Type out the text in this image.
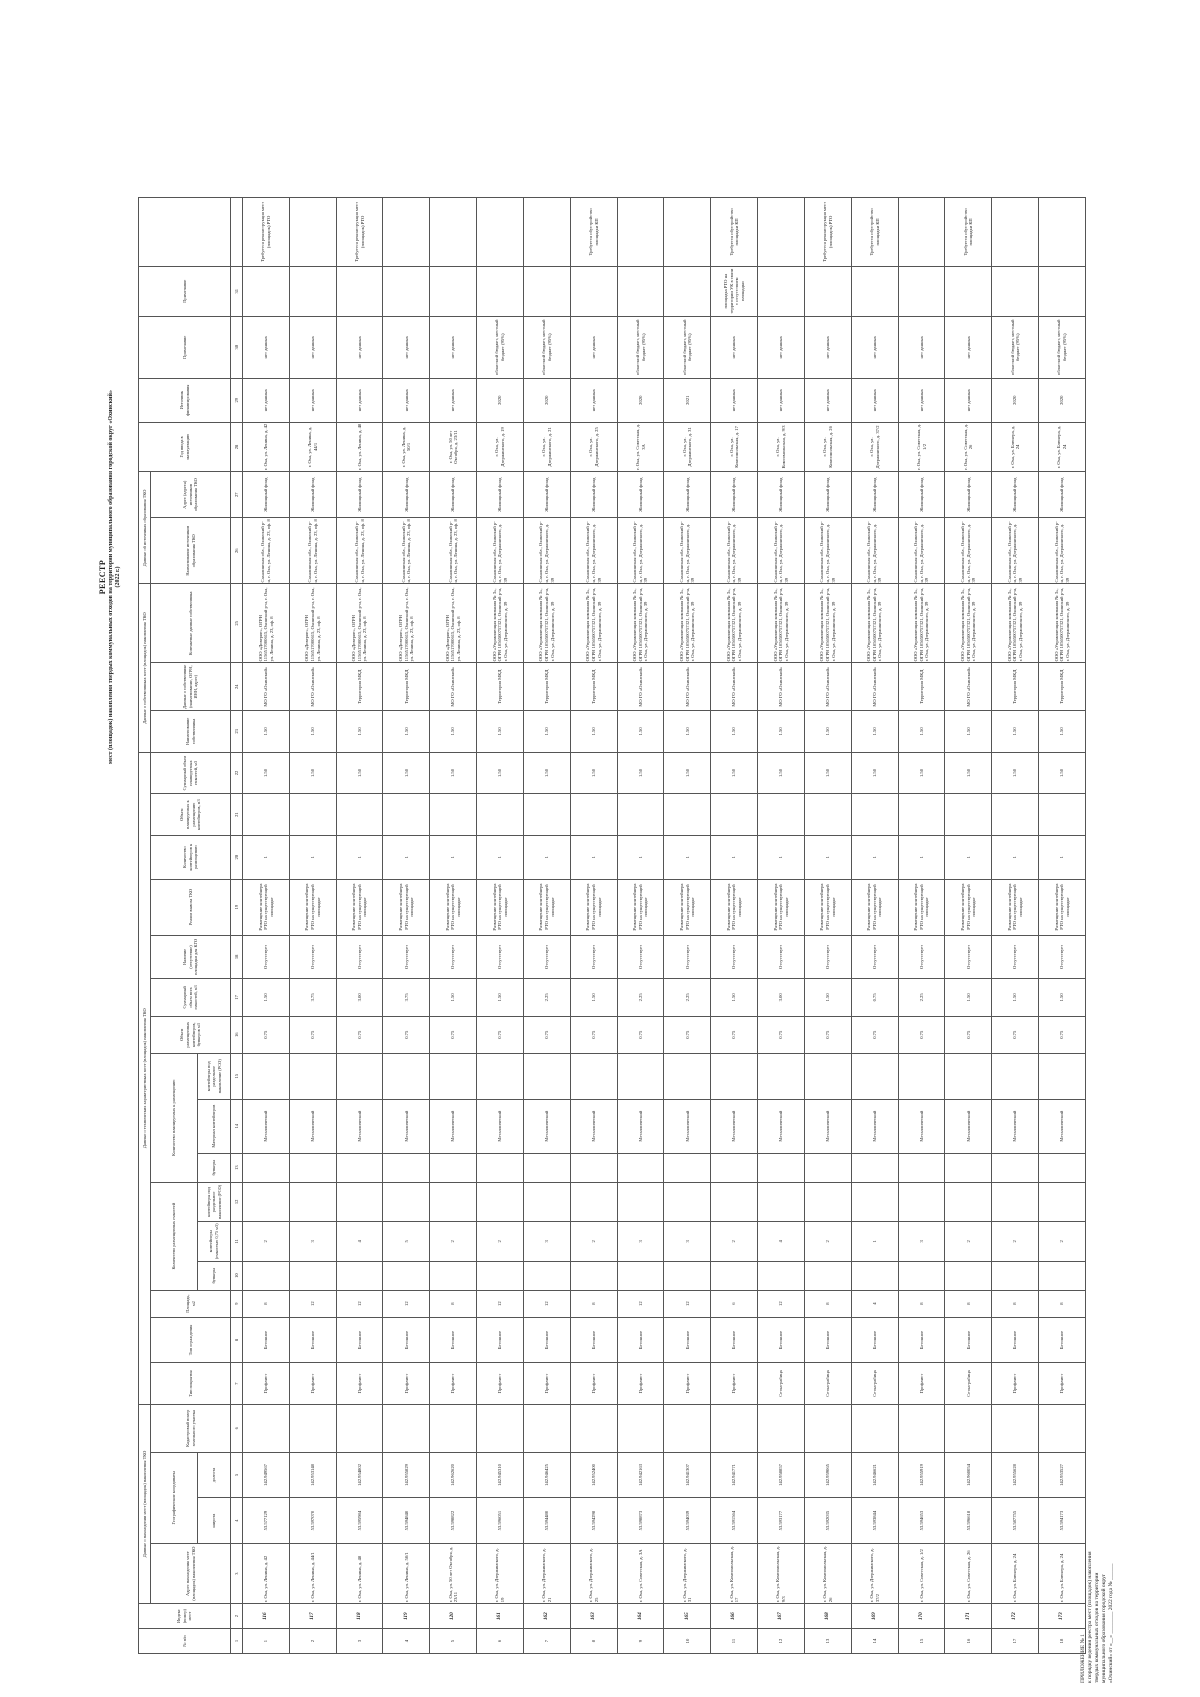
ПРИЛОЖЕНИЕ № 1 к порядку ведения реестра мест (площадок) накопления твердых коммунальных отходов на территории муниципального образования городской округ «Охинский» от «__» ________ 2022 года № ______
РЕЕСТР мест (площадок) накопления твердых коммунальных отходов на территории муниципального образования городской округ «Охинский» (2022 г.)
№ п/п	Индекс (номер) мест	Данные о нахождении мест (площадок) накопления ТКО				Данные о технических характеристиках мест (площадок) накопления ТКО																Данные о собственниках мест (площадок) накопления ТКО			Данные об источниках образования ТКО		Год ввода в эксплуатацию	Источник финансирования	Примечание	Примечание	
		Адрес нахождения мест (площадок) накопления ТКО	Географические координаты		Кадастровый номер земельного участка	Тип покрытия	Тип ограждения	Площадь, м2	Количество размещенных емкостей			Количество планируемых к размещению			Объем размещенных контейнеров, бункеров м3	Суммарный объем всех емкостей, м3	Наличие (отсутствие) площадки для КГО	Режим вывоза ТКО	Количество контейнеров к размещению	Объем планируемых к размещению контейнеров, м3	Суммарный объем планируемых емкостей, м3	Наименование собственника	Данные о собственнике (наименование, ОГРН, ИНН, адрес)	Контактные данные собственника	Наименование источников образования ТКО	Адрес (адреса) источников образования ТКО					
			широта	долгота					бункеры	контейнеры (емкостью 0,75 м3)	контейнеры под раздельное накопление (РСО)	бункеры	Материал контейнеров	контейнеры под раздельное накопление (РСО)																	
1	2	3	4	5	6	7	8	9	10	11	12	13	14	15	16	17	18	19	20	21	22	23	24	25	26	27	28	29	30	31	
1	116	г. Оха, ул. Ленина, д. 42	53.577129	142.949567		Профлист	Бетонное	8		2			Металлический		0.75	1.50	Отсутствует	Размещение контейнера РТО на существующей площадке	1		1.50	1.50	МО ГО «Охинский»	ООО «Доверие», ОГРН 1156517000615, Охинский р-н, г. Оха, ул. Ленина, д. 23, оф. 8	Сахалинская обл., Охинский р-н, г. Оха, ул. Ленина, д. 23, оф. 8	Жилищный фонд	г. Оха, ул. Ленина, д. 42	нет данных	нет данных		Требуется реконструкция мест (площадок) РТО
2	117	г. Оха, ул. Ленина, д. 44/1	53.597070	142.953148		Профлист	Бетонное	12		3			Металлический		0.75	3.75	Отсутствует	Размещение контейнера РТО на существующей площадке	1		1.50	1.50	МО ГО «Охинский»	ООО «Доверие», ОГРН 1156517000615, Охинский р-н, г. Оха, ул. Ленина, д. 23, оф. 8	Сахалинская обл., Охинский р-н, г. Оха, ул. Ленина, д. 23, оф. 8	Жилищный фонд	г. Оха, ул. Ленина, д. 44/1	нет данных	нет данных		
3	118	г. Оха, ул. Ленина, д. 48	53.595984	142.954802		Профлист	Бетонное	12		4			Металлический		0.75	3.00	Отсутствует	Размещение контейнера РТО на существующей площадке	1		1.50	1.50	Территория МКД	ООО «Доверие», ОГРН 1156517000615, Охинский р-н, г. Оха, ул. Ленина, д. 23, оф. 8	Сахалинская обл., Охинский р-н, г. Оха, ул. Ленина, д. 23, оф. 8	Жилищный фонд	г. Оха, ул. Ленина, д. 48	нет данных	нет данных		Требуется реконструкция мест (площадок) РТО
4	119	г. Оха, ул. Ленина, д. 50/1	53.594840	142.955829		Профлист	Бетонное	12		5			Металлический		0.75	3.75	Отсутствует	Размещение контейнера РТО на существующей площадке	1		1.50	1.50	Территория МКД	ООО «Доверие», ОГРН 1156517000615, Охинский р-н, г. Оха, ул. Ленина, д. 23, оф. 8	Сахалинская обл., Охинский р-н, г. Оха, ул. Ленина, д. 23, оф. 8	Жилищный фонд	г. Оха, ул. Ленина, д. 50/1	нет данных	нет данных		
5	120	г. Оха, ул. 50 лет Октября, д. 23/11	53.598822	142.962620		Профлист	Бетонное	8		2			Металлический		0.75	1.50	Отсутствует	Размещение контейнера РТО на существующей площадке	1		1.50	1.50	МО ГО «Охинский»	ООО «Доверие», ОГРН 1156517000615, Охинский р-н, г. Оха, ул. Ленина, д. 23, оф. 8	Сахалинская обл., Охинский р-н, г. Оха, ул. Ленина, д. 23, оф. 8	Жилищный фонд	г. Оха, ул. 50 лет Октября, д. 23/11	нет данных	нет данных		
6	161	г. Оха, ул. Дзержинского, д. 19	53.596051	142.945310		Профлист	Бетонное	12		2			Металлический		0.75	1.50	Отсутствует	Размещение контейнера РТО на существующей площадке	1		1.50	1.50	Территория МКД	ООО «Управляющая компания № 3», ОГРН 1056500757321, Охинский р-н, г. Оха, ул. Дзержинского, д. 39	Сахалинская обл., Охинский р-н, г. Оха, ул. Дзержинского, д. 39	Жилищный фонд	г. Оха, ул. Дзержинского, д. 19	2020	областной бюджет, местный бюджет (95%)		
7	162	г. Оха, ул. Дзержинского, д. 21	53.594480	142.946425		Профлист	Бетонное	12		3			Металлический		0.75	2.25	Отсутствует	Размещение контейнера РТО на существующей площадке	1		1.50	1.50	Территория МКД	ООО «Управляющая компания № 3», ОГРН 1056500757321, Охинский р-н, г. Оха, ул. Дзержинского, д. 39	Сахалинская обл., Охинский р-н, г. Оха, ул. Дзержинского, д. 39	Жилищный фонд	г. Оха, ул. Дзержинского, д. 21	2020	областной бюджет, местный бюджет (95%)		
8	163	г. Оха, ул. Дзержинского, д. 25	53.594298	142.952400		Профлист	Бетонное	8		2			Металлический		0.75	1.50	Отсутствует	Размещение контейнера РТО на существующей площадке	1		1.50	1.50	Территория МКД	ООО «Управляющая компания № 3», ОГРН 1056500757321, Охинский р-н, г. Оха, ул. Дзержинского, д. 39	Сахалинская обл., Охинский р-н, г. Оха, ул. Дзержинского, д. 39	Жилищный фонд	г. Оха, ул. Дзержинского, д. 25	нет данных	нет данных		Требуется обустройство площадки КП
9	164	г. Оха, ул. Советская, д. 3А	53.598873	142.942163		Профлист	Бетонное	12		3			Металлический		0.75	2.25	Отсутствует	Размещение контейнера РТО на существующей площадке	1		1.50	1.50	МО ГО «Охинский»	ООО «Управляющая компания № 3», ОГРН 1056500757321, Охинский р-н, г. Оха, ул. Дзержинского, д. 39	Сахалинская обл., Охинский р-н, г. Оха, ул. Дзержинского, д. 39	Жилищный фонд	г. Оха, ул. Советская, д. 3А	2020	областной бюджет, местный бюджет (95%)		
10	165	г. Оха, ул. Дзержинского, д. 31	53.594039	142.941307		Профлист	Бетонное	12		3			Металлический		0.75	2.25	Отсутствует	Размещение контейнера РТО на существующей площадке	1		1.50	1.50	МО ГО «Охинский»	ООО «Управляющая компания № 3», ОГРН 1056500757321, Охинский р-н, г. Оха, ул. Дзержинского, д. 39	Сахалинская обл., Охинский р-н, г. Оха, ул. Дзержинского, д. 39	Жилищный фонд	г. Оха, ул. Дзержинского, д. 31	2021	областной бюджет, местный бюджет (95%)		
11	166	г. Оха, ул. Комсомольская, д. 17	53.591564	142.941771		Профлист	Бетонное	6		2			Металлический		0.75	1.50	Отсутствует	Размещение контейнера РТО на существующей площадке	1		1.50	1.50	МО ГО «Охинский»	ООО «Управляющая компания № 3», ОГРН 1056500757321, Охинский р-н, г. Оха, ул. Дзержинского, д. 39	Сахалинская обл., Охинский р-н, г. Оха, ул. Дзержинского, д. 39	Жилищный фонд	г. Оха, ул. Комсомольская, д. 17	нет данных	нет данных	площадка РТО на территории УК в связи с отсутствием площадки	Требуется обустройство площадки КП
12	167	г. Оха, ул. Комсомольская, д. 9/3	53.593177	142.958857		Сетка-рабица	Бетонное	12		4			Металлический		0.75	3.00	Отсутствует	Размещение контейнера РТО на существующей площадке	1		1.50	1.50	МО ГО «Охинский»	ООО «Управляющая компания № 3», ОГРН 1056500757321, Охинский р-н, г. Оха, ул. Дзержинского, д. 39	Сахалинская обл., Охинский р-н, г. Оха, ул. Дзержинского, д. 39	Жилищный фонд	г. Оха, ул. Комсомольская, д. 9/3	нет данных	нет данных		
13	168	г. Оха, ул. Комсомольская, д. 26	53.592035	142.959065		Сетка-рабица	Бетонное	8		2			Металлический		0.75	1.50	Отсутствует	Размещение контейнера РТО на существующей площадке	1		1.50	1.50	МО ГО «Охинский»	ООО «Управляющая компания № 3», ОГРН 1056500757321, Охинский р-н, г. Оха, ул. Дзержинского, д. 39	Сахалинская обл., Охинский р-н, г. Оха, ул. Дзержинского, д. 39	Жилищный фонд	г. Оха, ул. Комсомольская, д. 26	нет данных	нет данных		Требуется реконструкция мест (площадок) РТО
14	169	г. Оха, ул. Дзержинского, д. 37/2	53.593844	142.946621		Сетка-рабица	Бетонное	4		1			Металлический		0.75	0.75	Отсутствует	Размещение контейнера РТО на существующей площадке	1		1.50	1.50	МО ГО «Охинский»	ООО «Управляющая компания № 3», ОГРН 1056500757321, Охинский р-н, г. Оха, ул. Дзержинского, д. 39	Сахалинская обл., Охинский р-н, г. Оха, ул. Дзержинского, д. 39	Жилищный фонд	г. Оха, ул. Дзержинского, д. 37/2	нет данных	нет данных		Требуется обустройство площадки КП
15	170	г. Оха, ул. Советская, д. 1/2	53.594653	142.955919		Профлист	Бетонное	8		3			Металлический		0.75	2.25	Отсутствует	Размещение контейнера РТО на существующей площадке	1		1.50	1.50	Территория МКД	ООО «Управляющая компания № 3», ОГРН 1056500757321, Охинский р-н, г. Оха, ул. Дзержинского, д. 39	Сахалинская обл., Охинский р-н, г. Оха, ул. Дзержинского, д. 39	Жилищный фонд	г. Оха, ул. Советская, д. 1/2	нет данных	нет данных		
16	171	г. Оха, ул. Советская, д. 26	53.596618	142.960054		Сетка-рабица	Бетонное	8		2			Металлический		0.75	1.50	Отсутствует	Размещение контейнера РТО на существующей площадке	1		1.50	1.50	МО ГО «Охинский»	ООО «Управляющая компания № 3», ОГРН 1056500757321, Охинский р-н, г. Оха, ул. Дзержинского, д. 39	Сахалинская обл., Охинский р-н, г. Оха, ул. Дзержинского, д. 39	Жилищный фонд	г. Оха, ул. Советская, д. 26	нет данных	нет данных		Требуется обустройство площадки КП
17	172	г. Оха, ул. Блюхера, д. 24	53.587755	142.955628		Профлист	Бетонное	8		2			Металлический		0.75	1.50	Отсутствует	Размещение контейнера РТО на существующей площадке	1		1.50	1.50	Территория МКД	ООО «Управляющая компания № 3», ОГРН 1056500757321, Охинский р-н, г. Оха, ул. Дзержинского, д. 39	Сахалинская обл., Охинский р-н, г. Оха, ул. Дзержинского, д. 39	Жилищный фонд	г. Оха, ул. Блюхера, д. 24	2020	областной бюджет, местный бюджет (95%)		
18	173	г. Оха, ул. Блюхера, д. 24	53.594173	142.953527		Профлист	Бетонное	8		2			Металлический		0.75	1.50	Отсутствует	Размещение контейнера РТО на существующей площадке	1		1.50	1.50	Территория МКД	ООО «Управляющая компания № 3», ОГРН 1056500757321, Охинский р-н, г. Оха, ул. Дзержинского, д. 39	Сахалинская обл., Охинский р-н, г. Оха, ул. Дзержинского, д. 39	Жилищный фонд	г. Оха, ул. Блюхера, д. 24	2020	областной бюджет, местный бюджет (95%)		
